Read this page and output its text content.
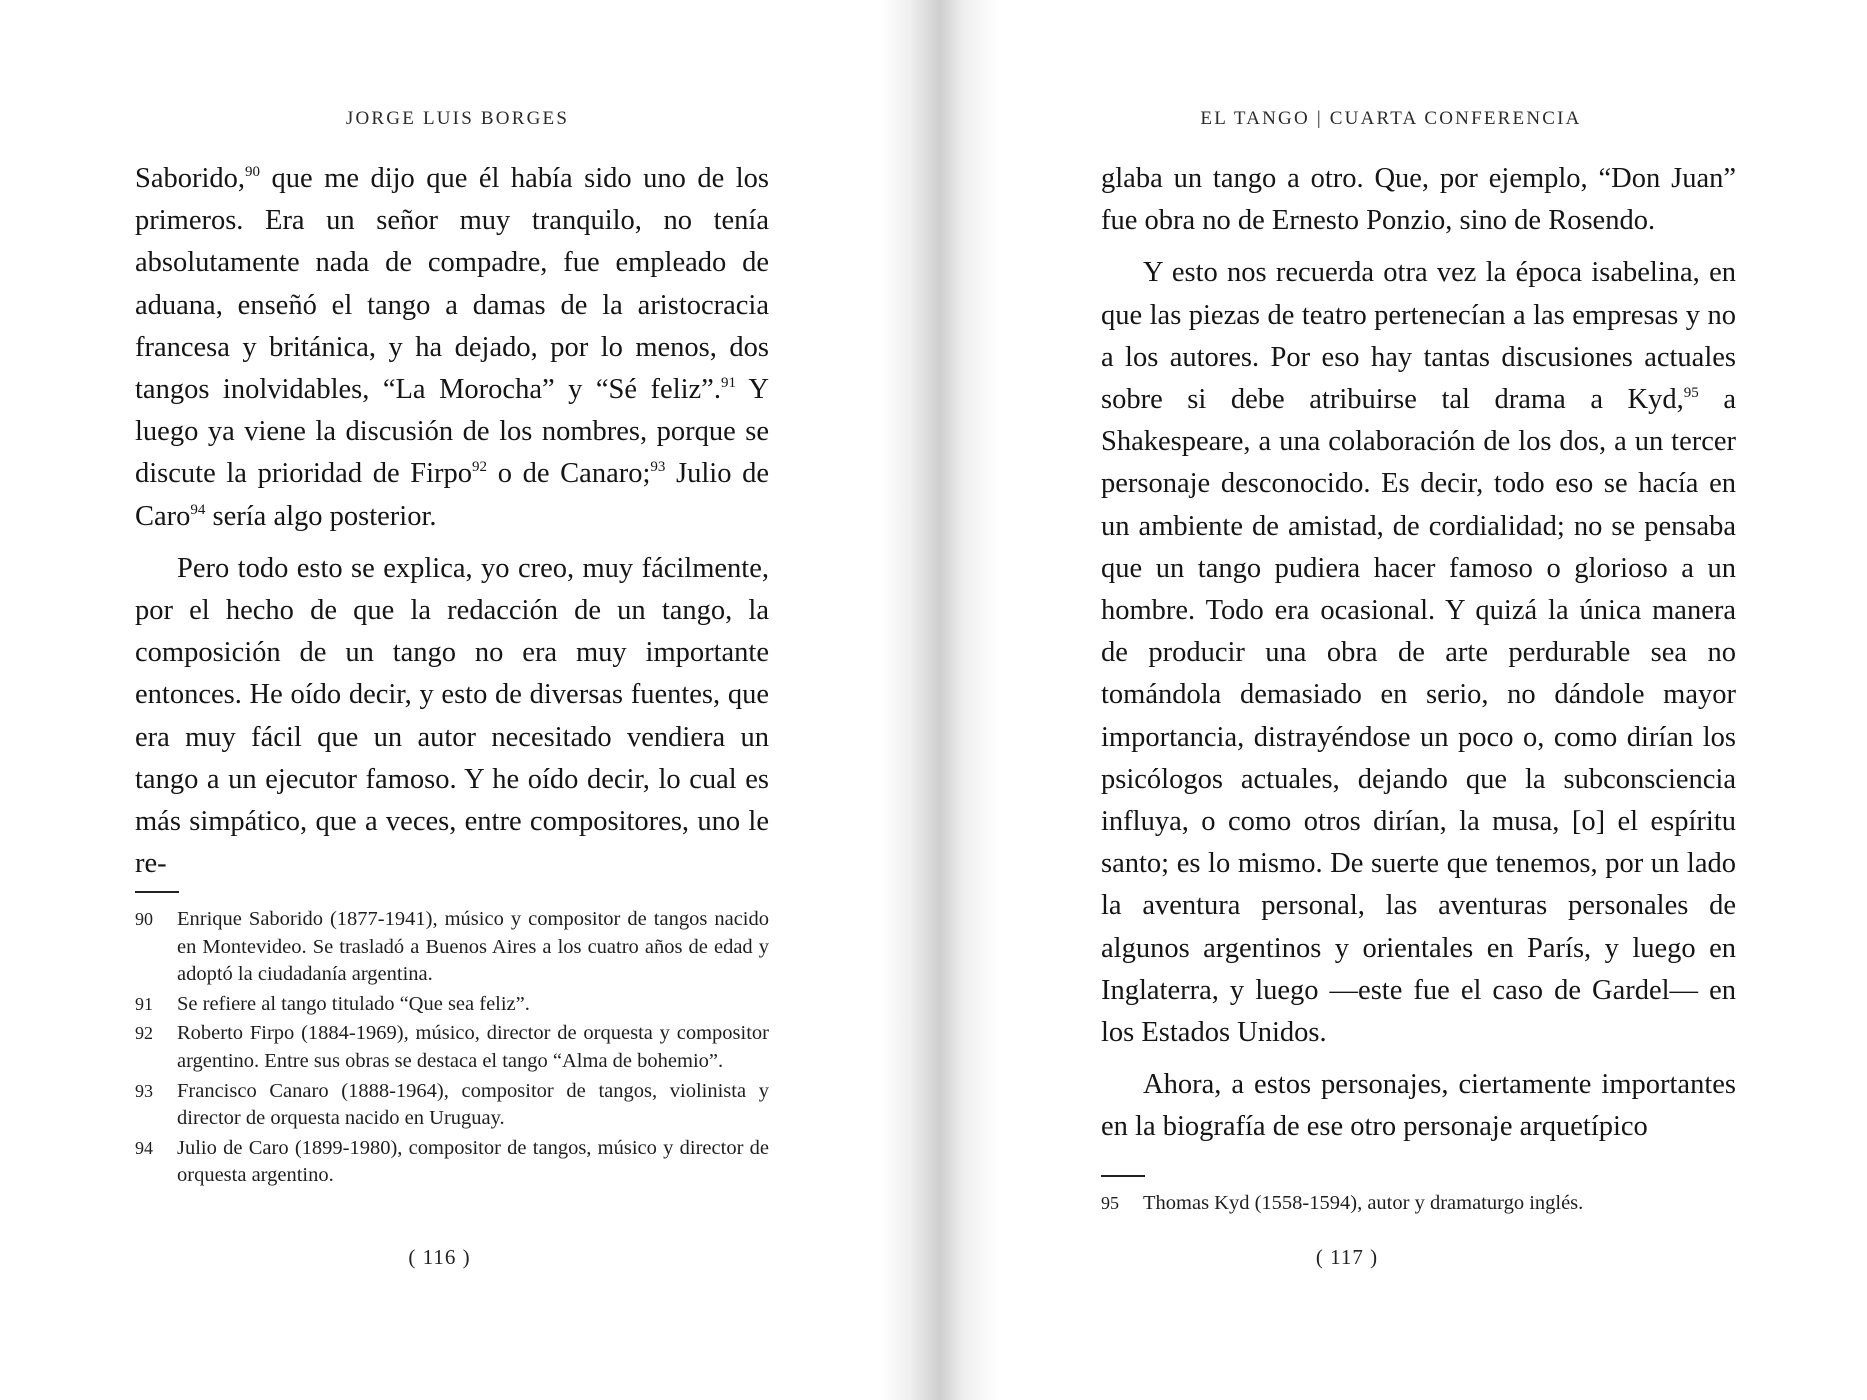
JORGE LUIS BORGES

Saborido,$^{90}$ que me dijo que él había sido uno de los primeros. Era un señor muy tranquilo, no tenía absolutamente nada de compadre, fue empleado de aduana, enseñó el tango a damas de la aristocracia francesa y británica, y ha dejado, por lo menos, dos tangos inolvidables, “La Morocha” y “Sé feliz”.$^{91}$ Y luego ya viene la discusión de los nombres, porque se discute la prioridad de Firpo$^{92}$ o de Canaro;$^{93}$ Julio de Caro$^{94}$ sería algo posterior.

Pero todo esto se explica, yo creo, muy fácilmente, por el hecho de que la redacción de un tango, la composición de un tango no era muy importante entonces. He oído decir, y esto de diversas fuentes, que era muy fácil que un autor necesitado vendiera un tango a un ejecutor famoso. Y he oído decir, lo cual es más simpático, que a veces, entre compositores, uno le re-

90	Enrique Saborido (1877-1941), músico y compositor de tangos nacido en Montevideo. Se trasladó a Buenos Aires a los cuatro años de edad y adoptó la ciudadanía argentina.
91	Se refiere al tango titulado “Que sea feliz”.
92	Roberto Firpo (1884-1969), músico, director de orquesta y compositor argentino. Entre sus obras se destaca el tango “Alma de bohemio”.
93	Francisco Canaro (1888-1964), compositor de tangos, violinista y director de orquesta nacido en Uruguay.
94	Julio de Caro (1899-1980), compositor de tangos, músico y director de orquesta argentino.
( 116 )
EL TANGO | CUARTA CONFERENCIA

glaba un tango a otro. Que, por ejemplo, “Don Juan” fue obra no de Ernesto Ponzio, sino de Rosendo.

Y esto nos recuerda otra vez la época isabelina, en que las piezas de teatro pertenecían a las empresas y no a los autores. Por eso hay tantas discusiones actuales sobre si debe atribuirse tal drama a Kyd,$^{95}$ a Shakespeare, a una colaboración de los dos, a un tercer personaje desconocido. Es decir, todo eso se hacía en un ambiente de amistad, de cordialidad; no se pensaba que un tango pudiera hacer famoso o glorioso a un hombre. Todo era ocasional. Y quizá la única manera de producir una obra de arte perdurable sea no tomándola demasiado en serio, no dándole mayor importancia, distrayéndose un poco o, como dirían los psicólogos actuales, dejando que la subconsciencia influya, o como otros dirían, la musa, [o] el espíritu santo; es lo mismo. De suerte que tenemos, por un lado la aventura personal, las aventuras personales de algunos argentinos y orientales en París, y luego en Inglaterra, y luego —este fue el caso de Gardel— en los Estados Unidos.

Ahora, a estos personajes, ciertamente importantes en la biografía de ese otro personaje arquetípico

95	Thomas Kyd (1558-1594), autor y dramaturgo inglés.
( 117 )
